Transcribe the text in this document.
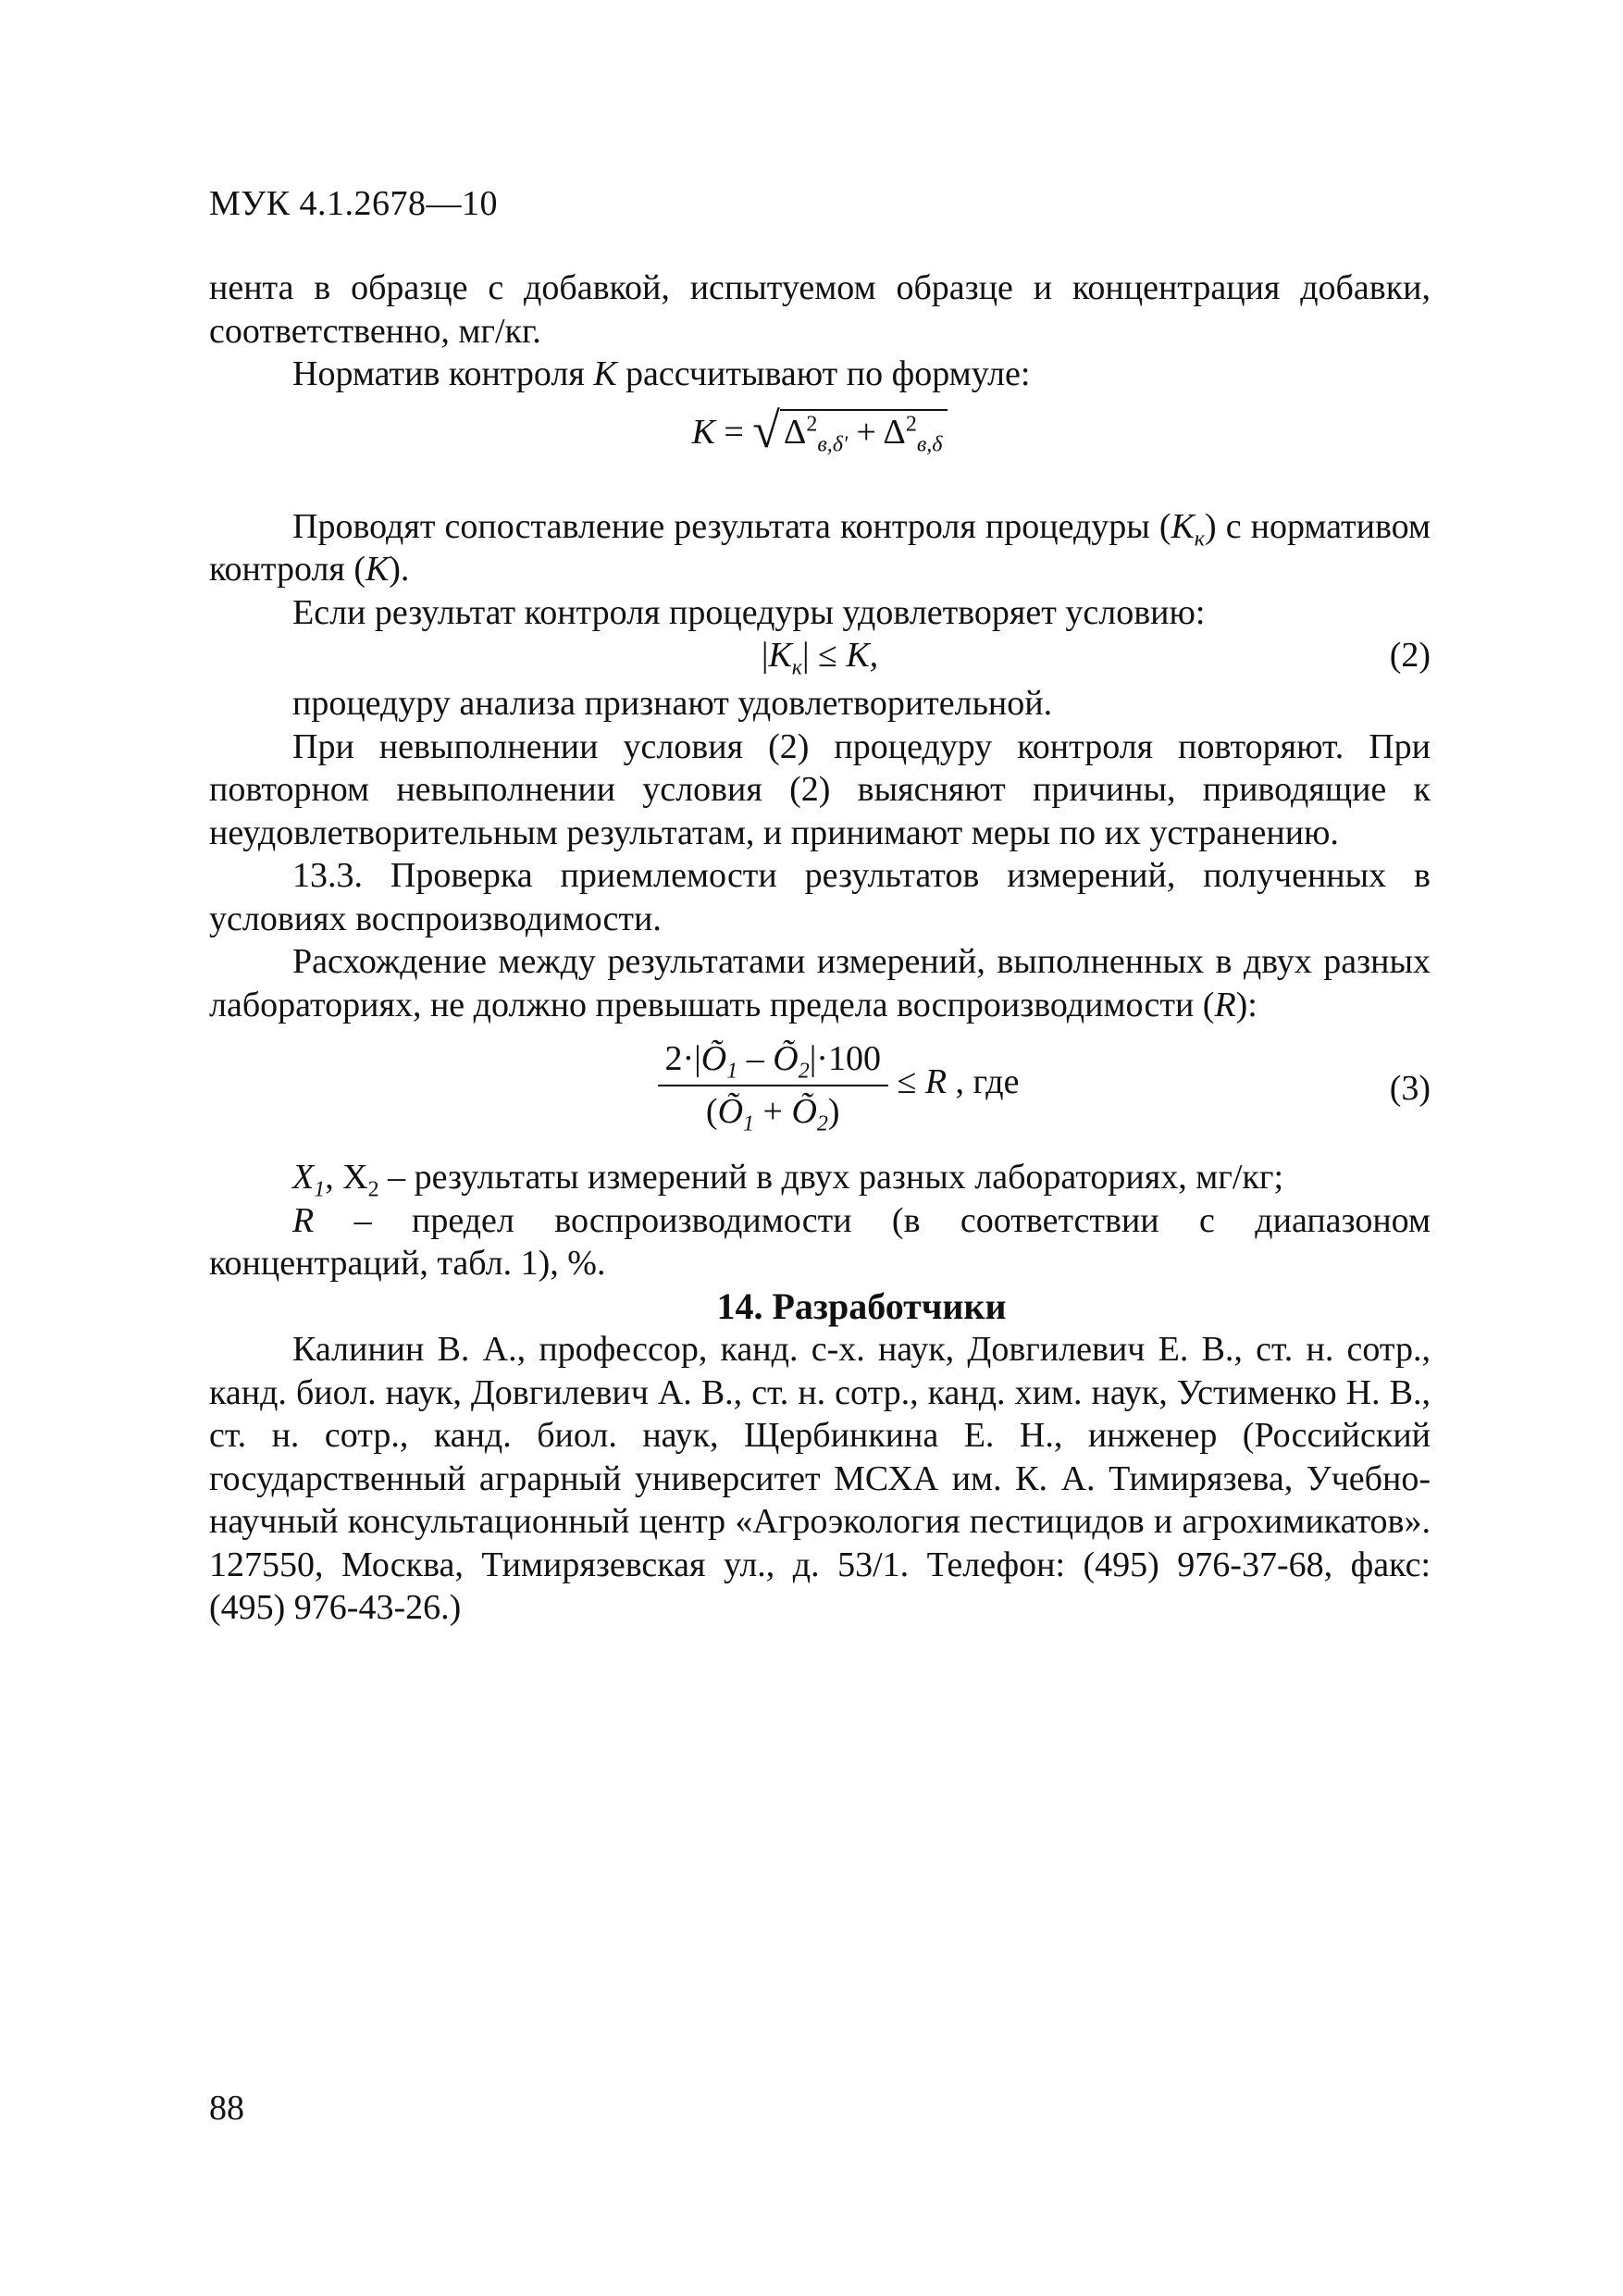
МУК 4.1.2678—10

нента в образце с добавкой, испытуемом образце и концентрация добавки, соответственно, мг/кг.

Норматив контроля К рассчитывают по формуле:

К = √ $\Delta^2_{в,\delta'} + \Delta^2_{в,\delta}$

Проводят сопоставление результата контроля процедуры $(К_к)$ с нормативом контроля (К).

Если результат контроля процедуры удовлетворяет условию:

$|К_к| \le К$,	(2)

процедуру анализа признают удовлетворительной.

При невыполнении условия (2) процедуру контроля повторяют. При повторном невыполнении условия (2) выясняют причины, приводящие к неудовлетворительным результатам, и принимают меры по их устранению.

13.3. Проверка приемлемости результатов измерений, полученных в условиях воспроизводимости.

Расхождение между результатами измерений, выполненных в двух разных лабораториях, не должно превышать предела воспроизводимости (R):

$\frac{2\cdot|Õ_1 - Õ_2|\cdot 100}{(Õ_1 + Õ_2)} \le R$ , где	(3)

$X_1$, $X_2$ – результаты измерений в двух разных лабораториях, мг/кг;

R – предел воспроизводимости (в соответствии с диапазоном концентраций, табл. 1), %.

14. Разработчики

Калинин В. А., профессор, канд. с-х. наук, Довгилевич Е. В., ст. н. сотр., канд. биол. наук, Довгилевич А. В., ст. н. сотр., канд. хим. наук, Устименко Н. В., ст. н. сотр., канд. биол. наук, Щербинкина Е. Н., инженер (Российский государственный аграрный университет МСХА им. К. А. Тимирязева, Учебно-научный консультационный центр «Агроэкология пестицидов и агрохимикатов». 127550, Москва, Тимирязевская ул., д. 53/1. Телефон: (495) 976-37-68, факс: (495) 976-43-26.)

88
